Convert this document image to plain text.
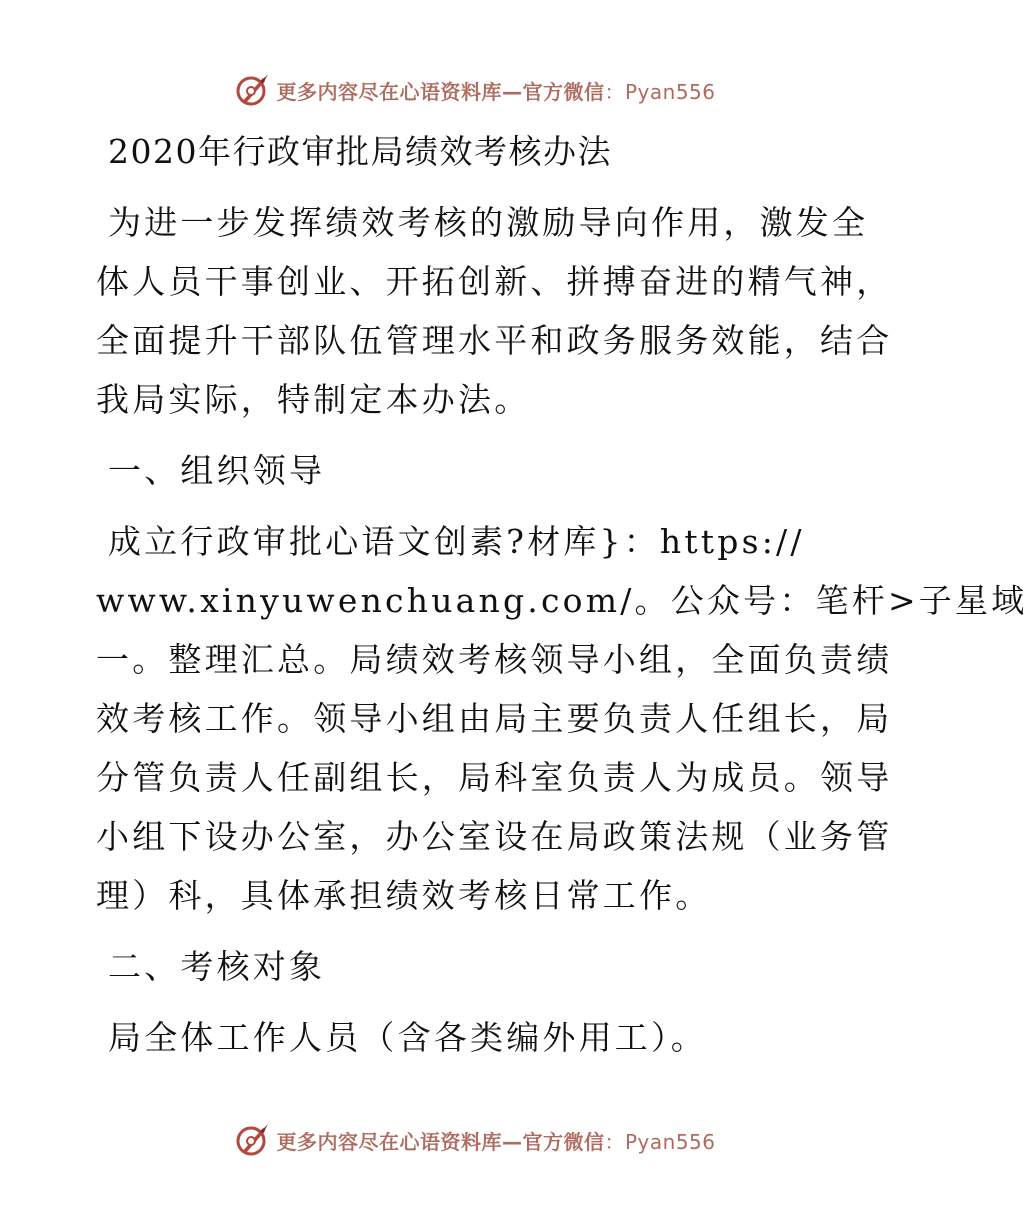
更多内容尽在心语资料库—官方微信：Pyan556
2020年行政审批局绩效考核办法
为进一步发挥绩效考核的激励导向作用，激发全
体人员干事创业、开拓创新、拼搏奋进的精气神，
全面提升干部队伍管理水平和政务服务效能，结合
我局实际，特制定本办法。
一、组织领导
成立行政审批心语文创素?材库}：https://
www.xinyuwenchuang.com/。公众号：笔杆>子星域
一。整理汇总。局绩效考核领导小组，全面负责绩
效考核工作。领导小组由局主要负责人任组长，局
分管负责人任副组长，局科室负责人为成员。领导
小组下设办公室，办公室设在局政策法规（业务管
理）科，具体承担绩效考核日常工作。
二、考核对象
局全体工作人员（含各类编外用工）。
更多内容尽在心语资料库—官方微信：Pyan556
